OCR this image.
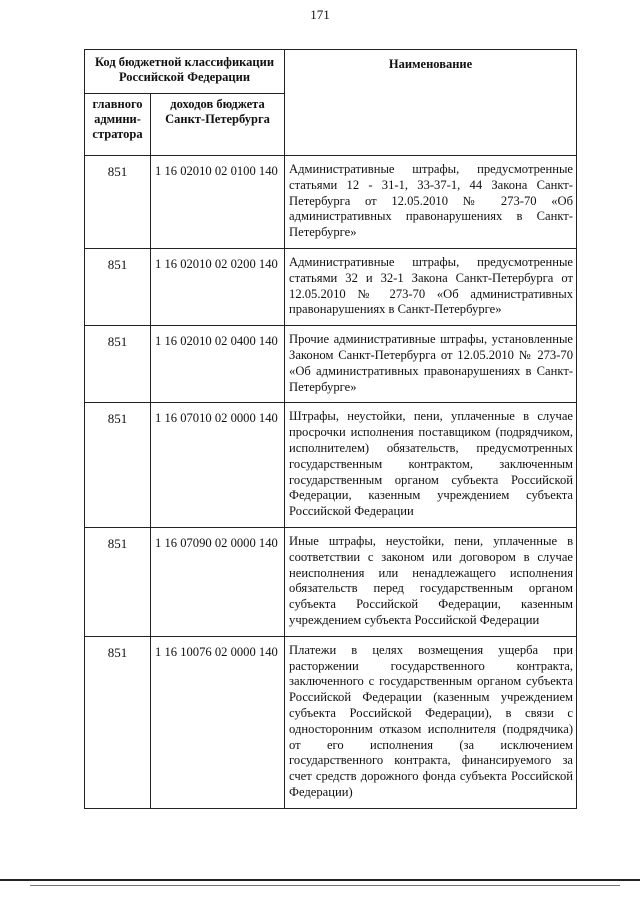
171
Код бюджетной классификации Российской Федерации		Наименование
главного админи-стратора	доходов бюджета Санкт-Петербурга	
851	1 16 02010 02 0100 140	Административные штрафы, предусмотренные статьями 12 - 31-1, 33-37-1, 44 Закона Санкт-Петербурга от 12.05.2010 № 273-70 «Об административных правонарушениях в Санкт-Петербурге»
851	1 16 02010 02 0200 140	Административные штрафы, предусмотренные статьями 32 и 32-1 Закона Санкт-Петербурга от 12.05.2010 № 273-70 «Об административных правонарушениях в Санкт-Петербурге»
851	1 16 02010 02 0400 140	Прочие административные штрафы, установленные Законом Санкт-Петербурга от 12.05.2010 № 273-70 «Об административных правонарушениях в Санкт-Петербурге»
851	1 16 07010 02 0000 140	Штрафы, неустойки, пени, уплаченные в случае просрочки исполнения поставщиком (подрядчиком, исполнителем) обязательств, предусмотренных государственным контрактом, заключенным государственным органом субъекта Российской Федерации, казенным учреждением субъекта Российской Федерации
851	1 16 07090 02 0000 140	Иные штрафы, неустойки, пени, уплаченные в соответствии с законом или договором в случае неисполнения или ненадлежащего исполнения обязательств перед государственным органом субъекта Российской Федерации, казенным учреждением субъекта Российской Федерации
851	1 16 10076 02 0000 140	Платежи в целях возмещения ущерба при расторжении государственного контракта, заключенного с государственным органом субъекта Российской Федерации (казенным учреждением субъекта Российской Федерации), в связи с односторонним отказом исполнителя (подрядчика) от его исполнения (за исключением государственного контракта, финансируемого за счет средств дорожного фонда субъекта Российской Федерации)
